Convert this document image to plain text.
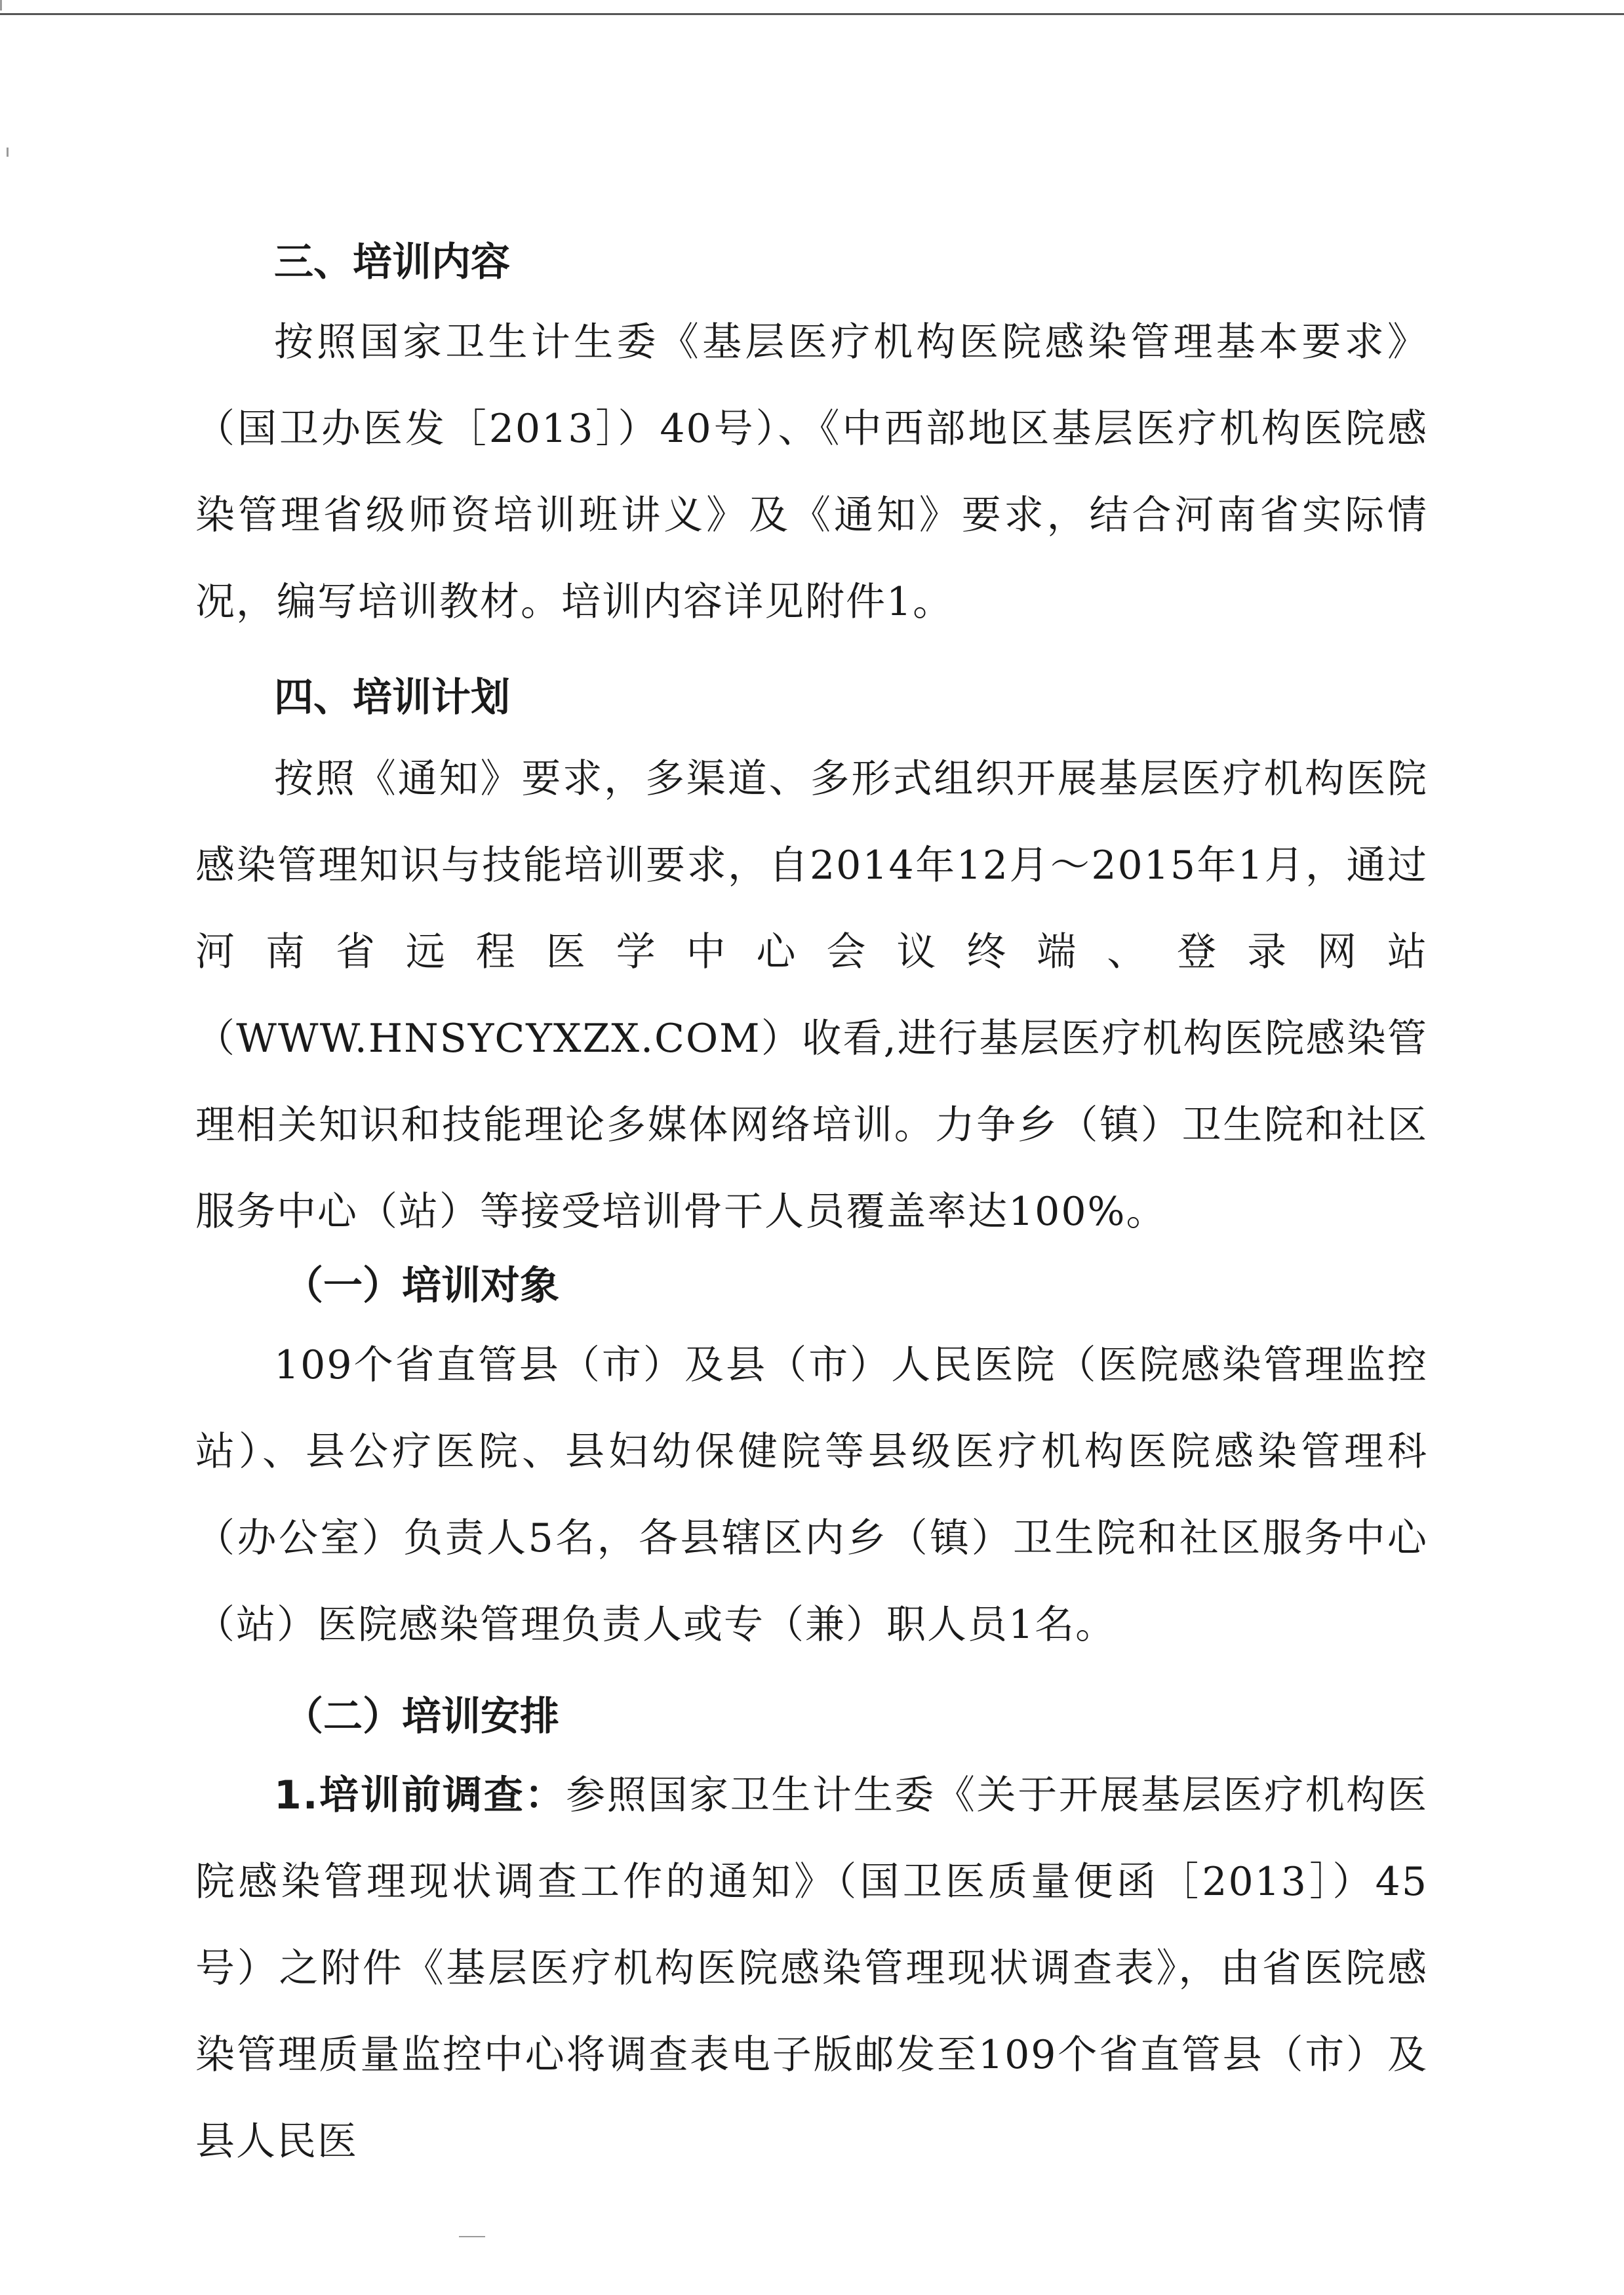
三、培训内容

按照国家卫生计生委《基层医疗机构医院感染管理基本要求》（国卫办医发［2013］）40号）、《中西部地区基层医疗机构医院感染管理省级师资培训班讲义》及《通知》要求，结合河南省实际情况，编写培训教材。培训内容详见附件1。

四、培训计划

按照《通知》要求，多渠道、多形式组织开展基层医疗机构医院感染管理知识与技能培训要求，自2014年12月～2015年1月，通过河南省远程医学中心会议终端、登录网站（WWW.HNSYCYXZX.COM）收看,进行基层医疗机构医院感染管理相关知识和技能理论多媒体网络培训。力争乡（镇）卫生院和社区服务中心（站）等接受培训骨干人员覆盖率达100%。

（一）培训对象

109个省直管县（市）及县（市）人民医院（医院感染管理监控站）、县公疗医院、县妇幼保健院等县级医疗机构医院感染管理科（办公室）负责人5名，各县辖区内乡（镇）卫生院和社区服务中心（站）医院感染管理负责人或专（兼）职人员1名。

（二）培训安排

1.培训前调查：参照国家卫生计生委《关于开展基层医疗机构医院感染管理现状调查工作的通知》（国卫医质量便函［2013］）45号）之附件《基层医疗机构医院感染管理现状调查表》，由省医院感染管理质量监控中心将调查表电子版邮发至109个省直管县（市）及县人民医
